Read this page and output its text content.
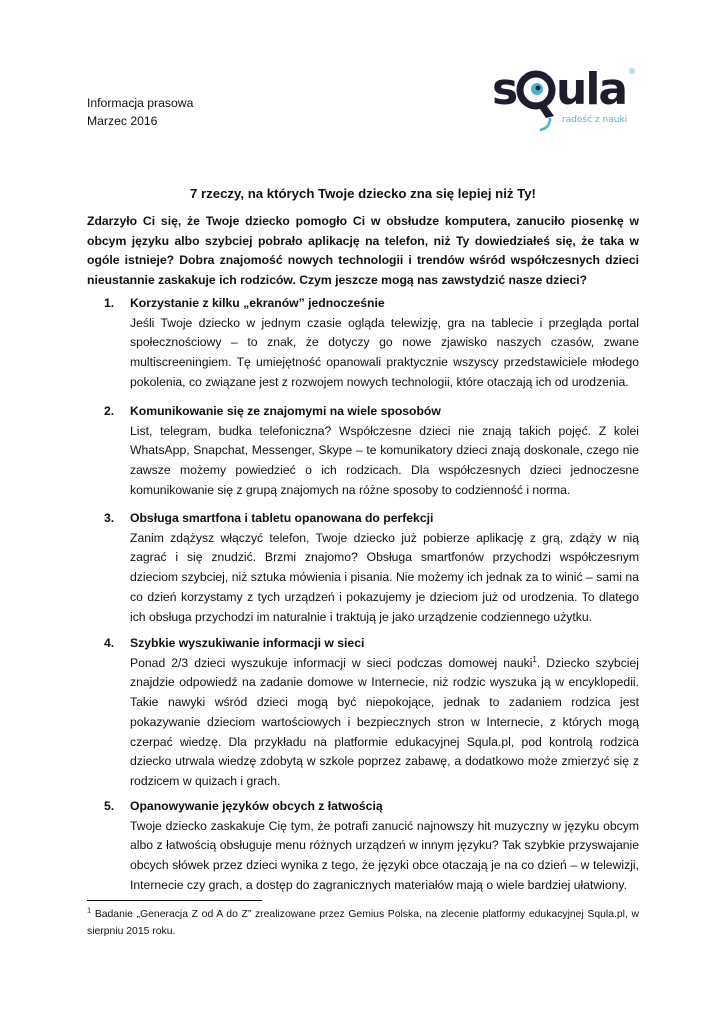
Informacja prasowa
Marzec 2016
s ula ®
radość z nauki
7 rzeczy, na których Twoje dziecko zna się lepiej niż Ty!
Zdarzyło Ci się, że Twoje dziecko pomogło Ci w obsłudze komputera, zanuciło piosenkę w obcym języku albo szybciej pobrało aplikację na telefon, niż Ty dowiedziałeś się, że taka w ogóle istnieje? Dobra znajomość nowych technologii i trendów wśród współczesnych dzieci nieustannie zaskakuje ich rodziców. Czym jeszcze mogą nas zawstydzić nasze dzieci?
1. Korzystanie z kilku „ekranów” jednocześnie
Jeśli Twoje dziecko w jednym czasie ogląda telewizję, gra na tablecie i przegląda portal społecznościowy – to znak, że dotyczy go nowe zjawisko naszych czasów, zwane multiscreeningiem. Tę umiejętność opanowali praktycznie wszyscy przedstawiciele młodego pokolenia, co związane jest z rozwojem nowych technologii, które otaczają ich od urodzenia.
2. Komunikowanie się ze znajomymi na wiele sposobów
List, telegram, budka telefoniczna? Współczesne dzieci nie znają takich pojęć. Z kolei WhatsApp, Snapchat, Messenger, Skype – te komunikatory dzieci znają doskonale, czego nie zawsze możemy powiedzieć o ich rodzicach. Dla współczesnych dzieci jednoczesne komunikowanie się z grupą znajomych na różne sposoby to codzienność i norma.
3. Obsługa smartfona i tabletu opanowana do perfekcji
Zanim zdążysz włączyć telefon, Twoje dziecko już pobierze aplikację z grą, zdąży w nią zagrać i się znudzić. Brzmi znajomo? Obsługa smartfonów przychodzi współczesnym dzieciom szybciej, niż sztuka mówienia i pisania. Nie możemy ich jednak za to winić – sami na co dzień korzystamy z tych urządzeń i pokazujemy je dzieciom już od urodzenia. To dlatego ich obsługa przychodzi im naturalnie i traktują je jako urządzenie codziennego użytku.
4. Szybkie wyszukiwanie informacji w sieci
Ponad 2/3 dzieci wyszukuje informacji w sieci podczas domowej nauki$^1$. Dziecko szybciej znajdzie odpowiedź na zadanie domowe w Internecie, niż rodzic wyszuka ją w encyklopedii. Takie nawyki wśród dzieci mogą być niepokojące, jednak to zadaniem rodzica jest pokazywanie dzieciom wartościowych i bezpiecznych stron w Internecie, z których mogą czerpać wiedzę. Dla przykładu na platformie edukacyjnej Squla.pl, pod kontrolą rodzica dziecko utrwala wiedzę zdobytą w szkole poprzez zabawę, a dodatkowo może zmierzyć się z rodzicem w quizach i grach.
5. Opanowywanie języków obcych z łatwością
Twoje dziecko zaskakuje Cię tym, że potrafi zanucić najnowszy hit muzyczny w języku obcym albo z łatwością obsługuje menu różnych urządzeń w innym języku? Tak szybkie przyswajanie obcych słówek przez dzieci wynika z tego, że języki obce otaczają je na co dzień – w telewizji, Internecie czy grach, a dostęp do zagranicznych materiałów mają o wiele bardziej ułatwiony.
$^1$ Badanie „Generacja Z od A do Z” zrealizowane przez Gemius Polska, na zlecenie platformy edukacyjnej Squla.pl, w sierpniu 2015 roku.
